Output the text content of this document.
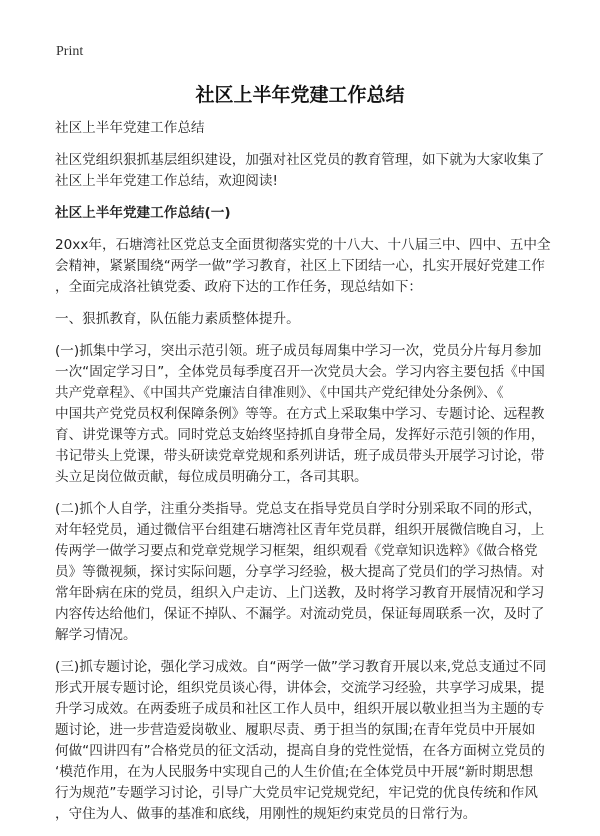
Print
社区上半年党建工作总结
社区上半年党建工作总结
社区党组织狠抓基层组织建设，加强对社区党员的教育管理，如下就为大家收集了
社区上半年党建工作总结，欢迎阅读!
社区上半年党建工作总结(一)
20xx年，石塘湾社区党总支全面贯彻落实党的十八大、十八届三中、四中、五中全
会精神，紧紧围绕“两学一做”学习教育，社区上下团结一心，扎实开展好党建工作
，全面完成洛社镇党委、政府下达的工作任务，现总结如下：
一、狠抓教育，队伍能力素质整体提升。
(一)抓集中学习，突出示范引领。班子成员每周集中学习一次，党员分片每月参加
一次“固定学习日”，全体党员每季度召开一次党员大会。学习内容主要包括《中国
共产党章程》、《中国共产党廉洁自律准则》、《中国共产党纪律处分条例》、《
中国共产党党员权利保障条例》等等。在方式上采取集中学习、专题讨论、远程教
育、讲党课等方式。同时党总支始终坚持抓自身带全局，发挥好示范引领的作用，
书记带头上党课，带头研读党章党规和系列讲话，班子成员带头开展学习讨论，带
头立足岗位做贡献，每位成员明确分工，各司其职。
(二)抓个人自学，注重分类指导。党总支在指导党员自学时分别采取不同的形式，
对年轻党员，通过微信平台组建石塘湾社区青年党员群，组织开展微信晚自习，上
传两学一做学习要点和党章党规学习框架，组织观看《党章知识选粹》《做合格党
员》等微视频，探讨实际问题，分享学习经验，极大提高了党员们的学习热情。对
常年卧病在床的党员，组织入户走访、上门送教，及时将学习教育开展情况和学习
内容传达给他们，保证不掉队、不漏学。对流动党员，保证每周联系一次，及时了
解学习情况。
(三)抓专题讨论，强化学习成效。自“两学一做”学习教育开展以来,党总支通过不同
形式开展专题讨论，组织党员谈心得，讲体会，交流学习经验，共享学习成果，提
升学习成效。在两委班子成员和社区工作人员中，组织开展以敬业担当为主题的专
题讨论，进一步营造爱岗敬业、履职尽责、勇于担当的氛围;在青年党员中开展如
何做“四讲四有”合格党员的征文活动，提高自身的党性觉悟，在各方面树立党员的
‘模范作用，在为人民服务中实现自己的人生价值;在全体党员中开展“新时期思想
行为规范”专题学习讨论，引导广大党员牢记党规党纪，牢记党的优良传统和作风
，守住为人、做事的基准和底线，用刚性的规矩约束党员的日常行为。
